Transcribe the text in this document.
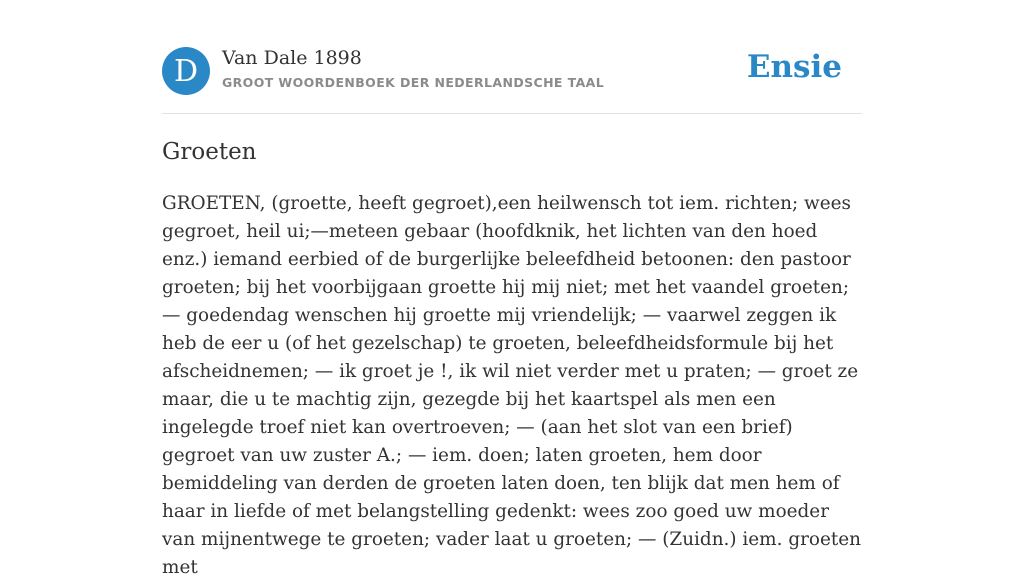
D	Van Dale 1898
GROOT WOORDENBOEK DER NEDERLANDSCHE TAAL	Ensie
Groeten

GROETEN, (groette, heeft gegroet),een heilwensch tot iem. richten; wees gegroet, heil ui;—meteen gebaar (hoofdknik, het lichten van den hoed enz.) iemand eerbied of de burgerlijke beleefdheid betoonen: den pastoor groeten; bij het voorbijgaan groette hij mij niet; met het vaandel groeten; — goedendag wenschen hij groette mij vriendelijk; — vaarwel zeggen ik heb de eer u (of het gezelschap) te groeten, beleefdheidsformule bij het afscheidnemen; — ik groet je !, ik wil niet verder met u praten; — groet ze maar, die u te machtig zijn, gezegde bij het kaartspel als men een ingelegde troef niet kan overtroeven; — (aan het slot van een brief) gegroet van uw zuster A.; — iem. doen; laten groeten, hem door bemiddeling van derden de groeten laten doen, ten blijk dat men hem of haar in liefde of met belangstelling gedenkt: wees zoo goed uw moeder van mijnentwege te groeten; vader laat u groeten; — (Zuidn.) iem. groeten met
